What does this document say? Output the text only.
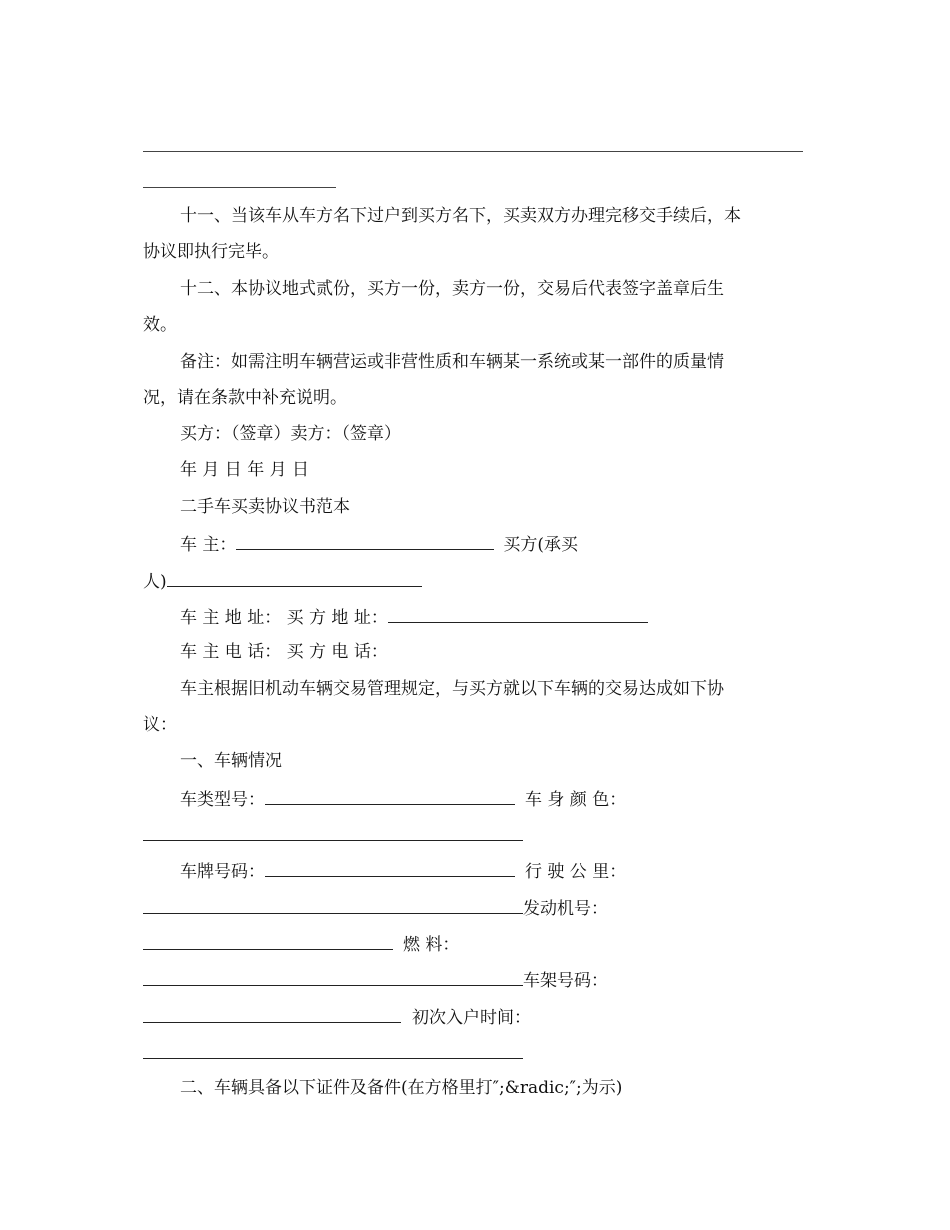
十一、当该车从车方名下过户到买方名下，买卖双方办理完移交手续后，本
协议即执行完毕。
十二、本协议地式贰份，买方一份，卖方一份，交易后代表签字盖章后生
效。
备注：如需注明车辆营运或非营性质和车辆某一系统或某一部件的质量情
况，请在条款中补充说明。
买方：（签章）卖方：（签章）
年 月 日 年 月 日
二手车买卖协议书范本
车 主：	买方(承买
人)
车 主 地 址： 买 方 地 址：
车 主 电 话： 买 方 电 话：
车主根据旧机动车辆交易管理规定，与买方就以下车辆的交易达成如下协
议：
一、车辆情况
车类型号：	车 身 颜 色：
车牌号码：	行 驶 公 里：
发动机号：
燃 料：
车架号码：
初次入户时间：
二、车辆具备以下证件及备件(在方格里打″;&radic;″;为示)
